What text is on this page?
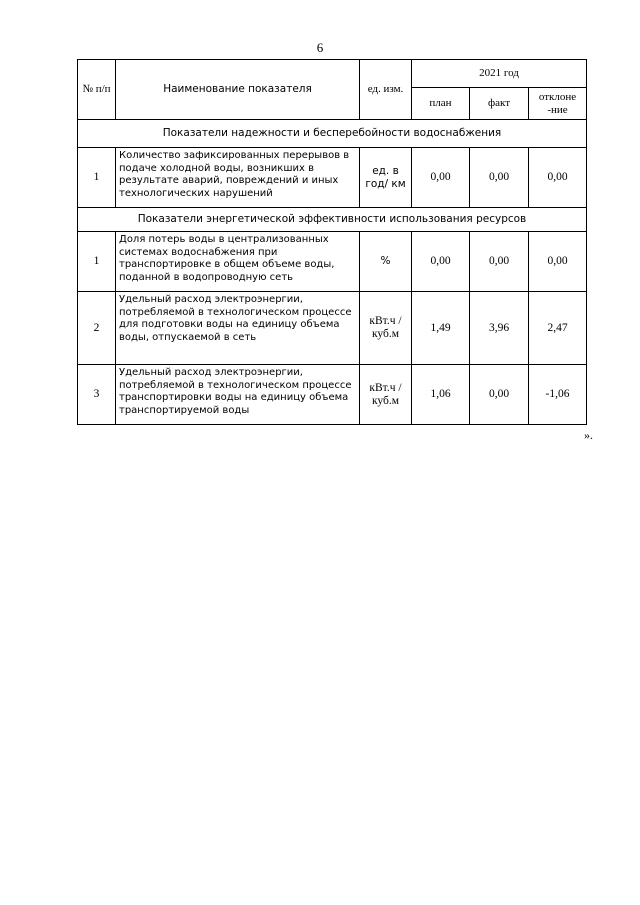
6
№ п/п	Наименование показателя	ед. изм.	2021 год		
			план	факт	отклоне -ние
Показатели надежности и бесперебойности водоснабжения					
1	Количество зафиксированных перерывов в подаче холодной воды, возникших в результате аварий, повреждений и иных технологических нарушений	ед. в год/ км	0,00	0,00	0,00
Показатели энергетической эффективности использования ресурсов					
1	Доля потерь воды в централизованных системах водоснабжения при транспортировке в общем объеме воды, поданной в водопроводную сеть	%	0,00	0,00	0,00
2	Удельный расход электроэнергии, потребляемой в технологическом процессе для подготовки воды на единицу объема воды, отпускаемой в сеть	кВт.ч / куб.м	1,49	3,96	2,47
3	Удельный расход электроэнергии, потребляемой в технологическом процессе транспортировки воды на единицу объема транспортируемой воды	кВт.ч / куб.м	1,06	0,00	-1,06
».
